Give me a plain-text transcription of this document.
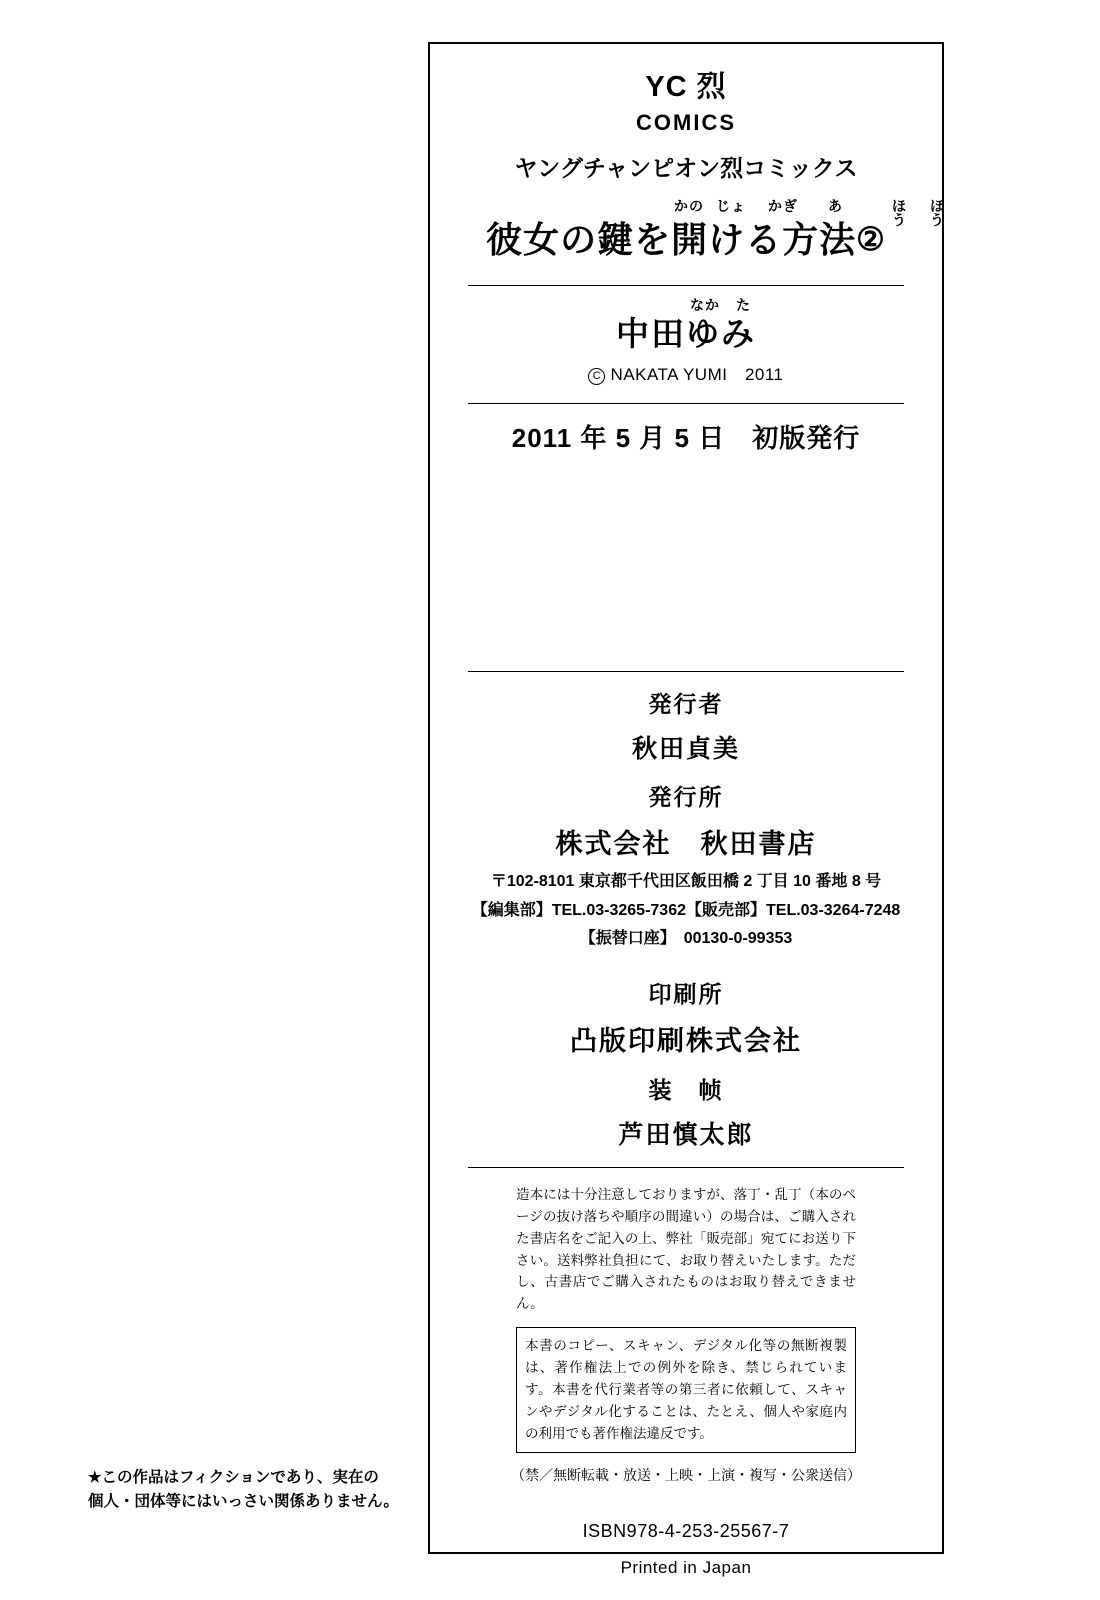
YC 烈
COMICS
ヤングチャンピオン烈コミックス
かの じょ かぎ あ	ほう
ほう
彼女の鍵を開ける方法②
なか た
中田ゆみ
C NAKATA YUMI　2011
2011 年 5 月 5 日　初版発行
発行者
秋田貞美
発行所
株式会社　秋田書店
〒102-8101 東京都千代田区飯田橋 2 丁目 10 番地 8 号
【編集部】TEL.03-3265-7362【販売部】TEL.03-3264-7248
【振替口座】　00130-0-99353
印刷所
凸版印刷株式会社
装　帧
芦田慎太郎
造本には十分注意しておりますが、落丁・乱丁（本のページの抜け落ちや順序の間違い）の場合は、ご購入された書店名をご記入の上、弊社「販売部」宛てにお送り下さい。送料弊社負担にて、お取り替えいたします。ただし、古書店でご購入されたものはお取り替えできません。
本書のコピー、スキャン、デジタル化等の無断複製は、著作権法上での例外を除き、禁じられています。本書を代行業者等の第三者に依頼して、スキャンやデジタル化することは、たとえ、個人や家庭内の利用でも著作権法違反です。
（禁／無断転載・放送・上映・上演・複写・公衆送信）
ISBN978-4-253-25567-7
Printed in Japan
★この作品はフィクションであり、実在の
個人・団体等にはいっさい関係ありません。
